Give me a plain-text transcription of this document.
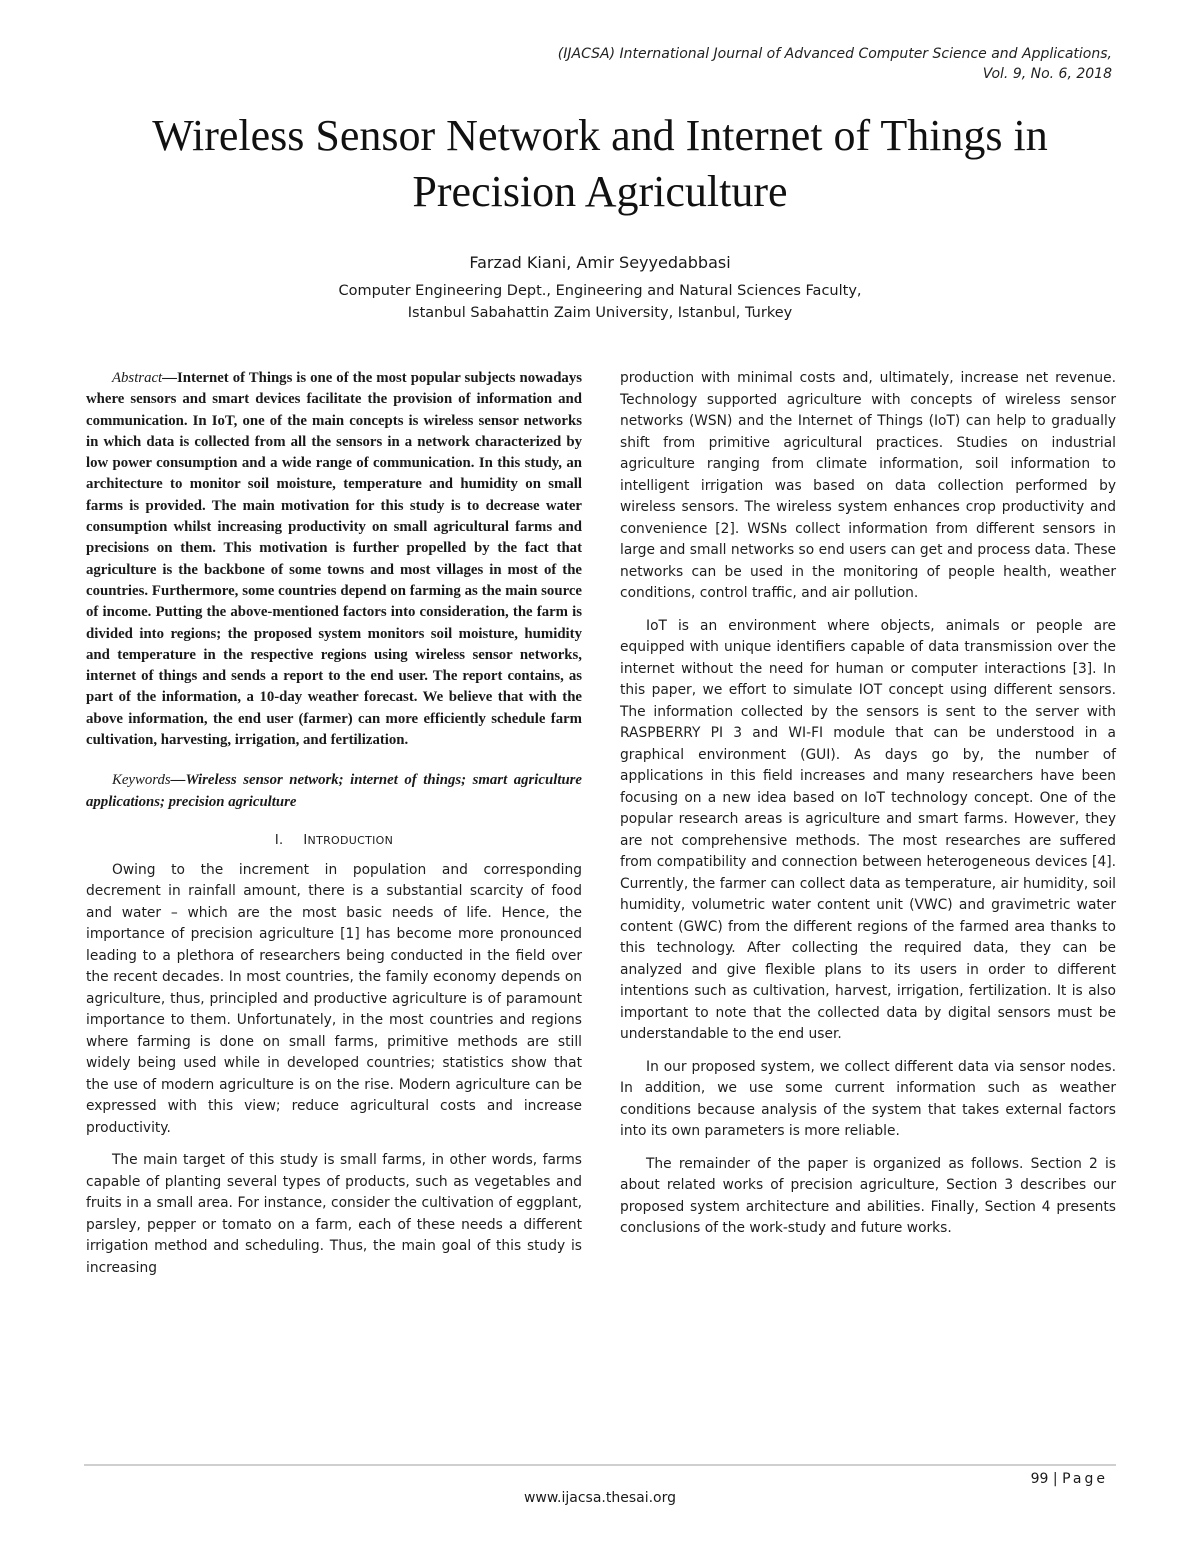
(IJACSA) International Journal of Advanced Computer Science and Applications,
Vol. 9, No. 6, 2018
Wireless Sensor Network and Internet of Things in
Precision Agriculture
Farzad Kiani, Amir Seyyedabbasi
Computer Engineering Dept., Engineering and Natural Sciences Faculty,
Istanbul Sabahattin Zaim University, Istanbul, Turkey

Abstract—Internet of Things is one of the most popular subjects nowadays where sensors and smart devices facilitate the provision of information and communication. In IoT, one of the main concepts is wireless sensor networks in which data is collected from all the sensors in a network characterized by low power consumption and a wide range of communication. In this study, an architecture to monitor soil moisture, temperature and humidity on small farms is provided. The main motivation for this study is to decrease water consumption whilst increasing productivity on small agricultural farms and precisions on them. This motivation is further propelled by the fact that agriculture is the backbone of some towns and most villages in most of the countries. Furthermore, some countries depend on farming as the main source of income. Putting the above-mentioned factors into consideration, the farm is divided into regions; the proposed system monitors soil moisture, humidity and temperature in the respective regions using wireless sensor networks, internet of things and sends a report to the end user. The report contains, as part of the information, a 10-day weather forecast. We believe that with the above information, the end user (farmer) can more efficiently schedule farm cultivation, harvesting, irrigation, and fertilization.

Keywords—Wireless sensor network; internet of things; smart agriculture applications; precision agriculture

I. INTRODUCTION

Owing to the increment in population and corresponding decrement in rainfall amount, there is a substantial scarcity of food and water – which are the most basic needs of life. Hence, the importance of precision agriculture [1] has become more pronounced leading to a plethora of researchers being conducted in the field over the recent decades. In most countries, the family economy depends on agriculture, thus, principled and productive agriculture is of paramount importance to them. Unfortunately, in the most countries and regions where farming is done on small farms, primitive methods are still widely being used while in developed countries; statistics show that the use of modern agriculture is on the rise. Modern agriculture can be expressed with this view; reduce agricultural costs and increase productivity.

The main target of this study is small farms, in other words, farms capable of planting several types of products, such as vegetables and fruits in a small area. For instance, consider the cultivation of eggplant, parsley, pepper or tomato on a farm, each of these needs a different irrigation method and scheduling. Thus, the main goal of this study is increasing

production with minimal costs and, ultimately, increase net revenue. Technology supported agriculture with concepts of wireless sensor networks (WSN) and the Internet of Things (IoT) can help to gradually shift from primitive agricultural practices. Studies on industrial agriculture ranging from climate information, soil information to intelligent irrigation was based on data collection performed by wireless sensors. The wireless system enhances crop productivity and convenience [2]. WSNs collect information from different sensors in large and small networks so end users can get and process data. These networks can be used in the monitoring of people health, weather conditions, control traffic, and air pollution.

IoT is an environment where objects, animals or people are equipped with unique identifiers capable of data transmission over the internet without the need for human or computer interactions [3]. In this paper, we effort to simulate IOT concept using different sensors. The information collected by the sensors is sent to the server with RASPBERRY PI 3 and WI-FI module that can be understood in a graphical environment (GUI). As days go by, the number of applications in this field increases and many researchers have been focusing on a new idea based on IoT technology concept. One of the popular research areas is agriculture and smart farms. However, they are not comprehensive methods. The most researches are suffered from compatibility and connection between heterogeneous devices [4]. Currently, the farmer can collect data as temperature, air humidity, soil humidity, volumetric water content unit (VWC) and gravimetric water content (GWC) from the different regions of the farmed area thanks to this technology. After collecting the required data, they can be analyzed and give flexible plans to its users in order to different intentions such as cultivation, harvest, irrigation, fertilization. It is also important to note that the collected data by digital sensors must be understandable to the end user.

In our proposed system, we collect different data via sensor nodes. In addition, we use some current information such as weather conditions because analysis of the system that takes external factors into its own parameters is more reliable.

The remainder of the paper is organized as follows. Section 2 is about related works of precision agriculture, Section 3 describes our proposed system architecture and abilities. Finally, Section 4 presents conclusions of the work-study and future works.

99 | Page
www.ijacsa.thesai.org
